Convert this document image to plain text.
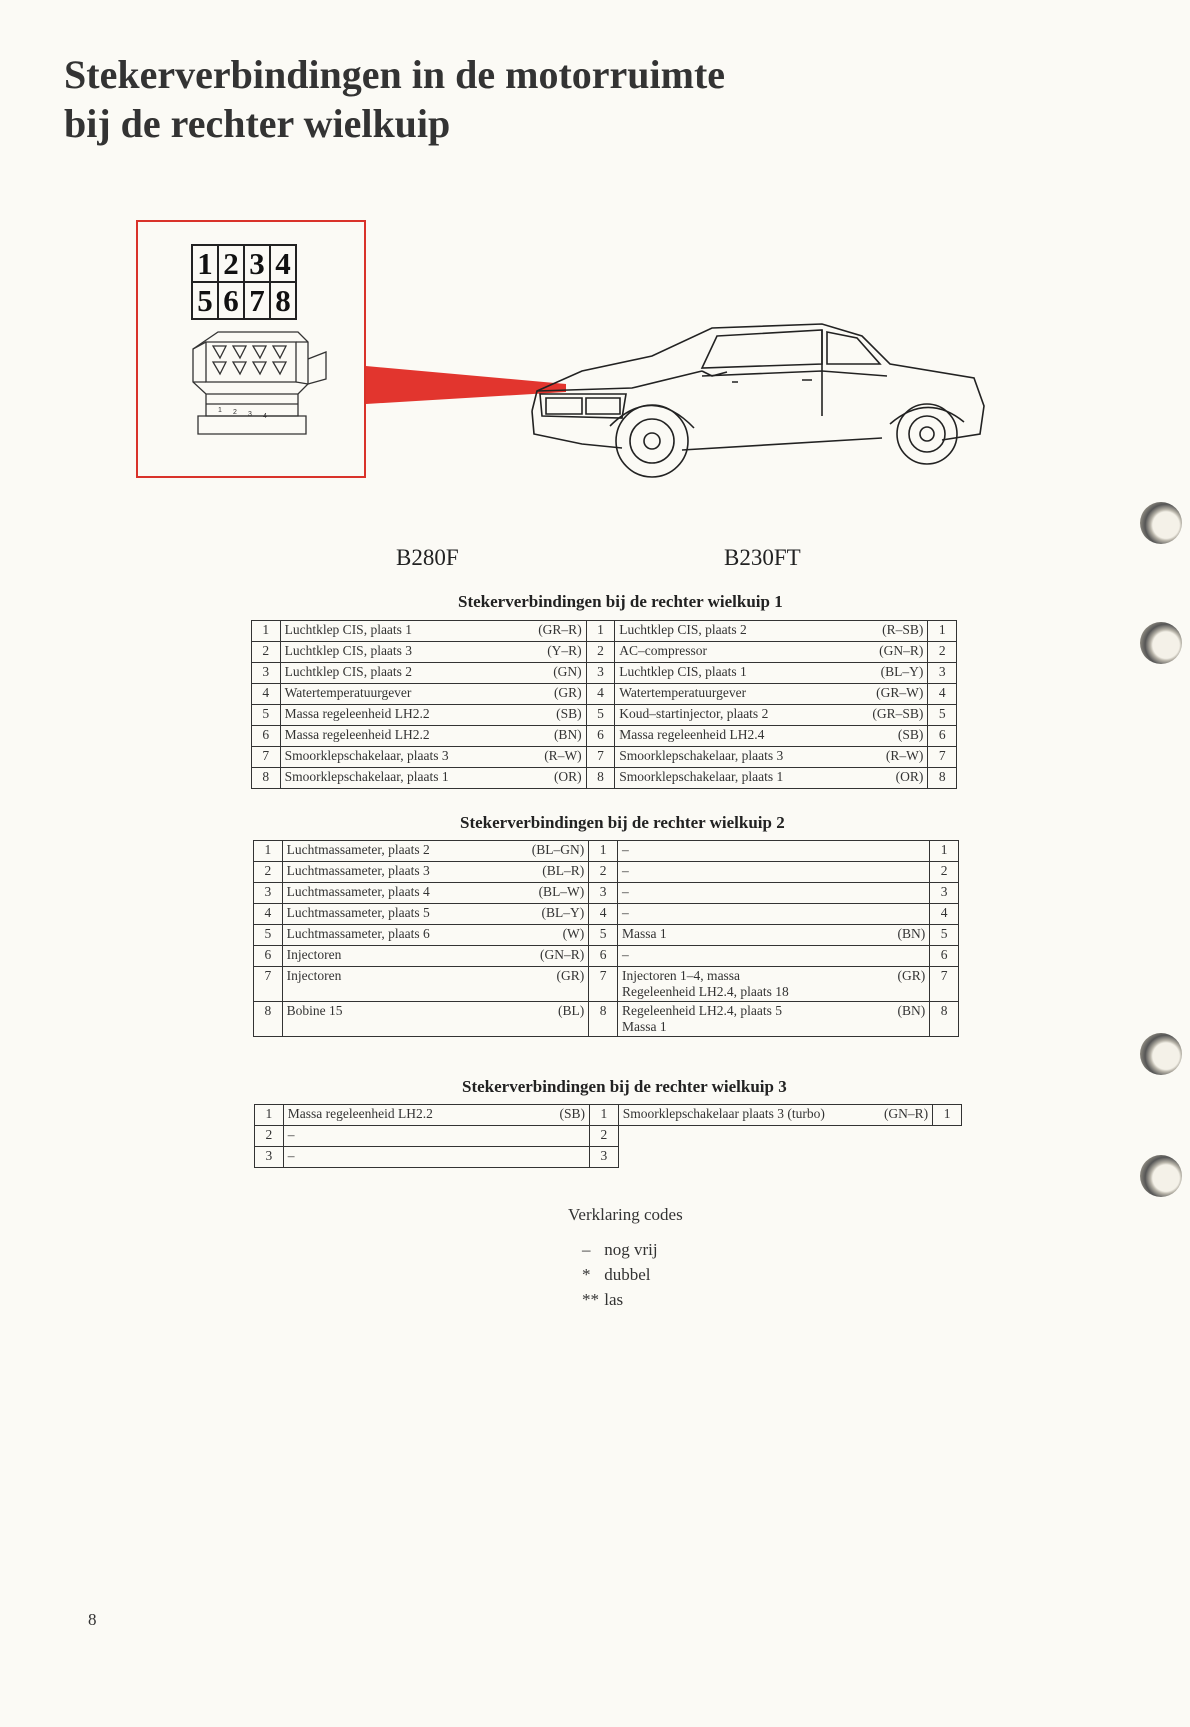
Stekerverbindingen in de motorruimte
bij de rechter wielkuip
1 2 3 4
5 6 7 8
1 2 3 4
B280F	B230FT
Stekerverbindingen bij de rechter wielkuip 1
1	Luchtklep CIS, plaats 1	(GR–R)	1	Luchtklep CIS, plaats 2	(R–SB)	1
2	Luchtklep CIS, plaats 3	(Y–R)	2	AC–compressor	(GN–R)	2
3	Luchtklep CIS, plaats 2	(GN)	3	Luchtklep CIS, plaats 1	(BL–Y)	3
4	Watertemperatuurgever	(GR)	4	Watertemperatuurgever	(GR–W)	4
5	Massa regeleenheid LH2.2	(SB)	5	Koud–startinjector, plaats 2	(GR–SB)	5
6	Massa regeleenheid LH2.2	(BN)	6	Massa regeleenheid LH2.4	(SB)	6
7	Smoorklepschakelaar, plaats 3	(R–W)	7	Smoorklepschakelaar, plaats 3	(R–W)	7
8	Smoorklepschakelaar, plaats 1	(OR)	8	Smoorklepschakelaar, plaats 1	(OR)	8
Stekerverbindingen bij de rechter wielkuip 2
1	Luchtmassameter, plaats 2	(BL–GN)	1	–		1
2	Luchtmassameter, plaats 3	(BL–R)	2	–		2
3	Luchtmassameter, plaats 4	(BL–W)	3	–		3
4	Luchtmassameter, plaats 5	(BL–Y)	4	–		4
5	Luchtmassameter, plaats 6	(W)	5	Massa 1	(BN)	5
6	Injectoren	(GN–R)	6	–		6
7	Injectoren	(GR)	7	Injectoren 1–4, massa
Regeleenheid LH2.4, plaats 18	(GR)	7
8	Bobine 15	(BL)	8	Regeleenheid LH2.4, plaats 5
Massa 1	(BN)	8
Stekerverbindingen bij de rechter wielkuip 3
1	Massa regeleenheid LH2.2	(SB)	1	Smoorklepschakelaar plaats 3 (turbo)	(GN–R)	1
2	–		2			
3	–		3			
Verklaring codes
– nog vrij
* dubbel
** las
8
